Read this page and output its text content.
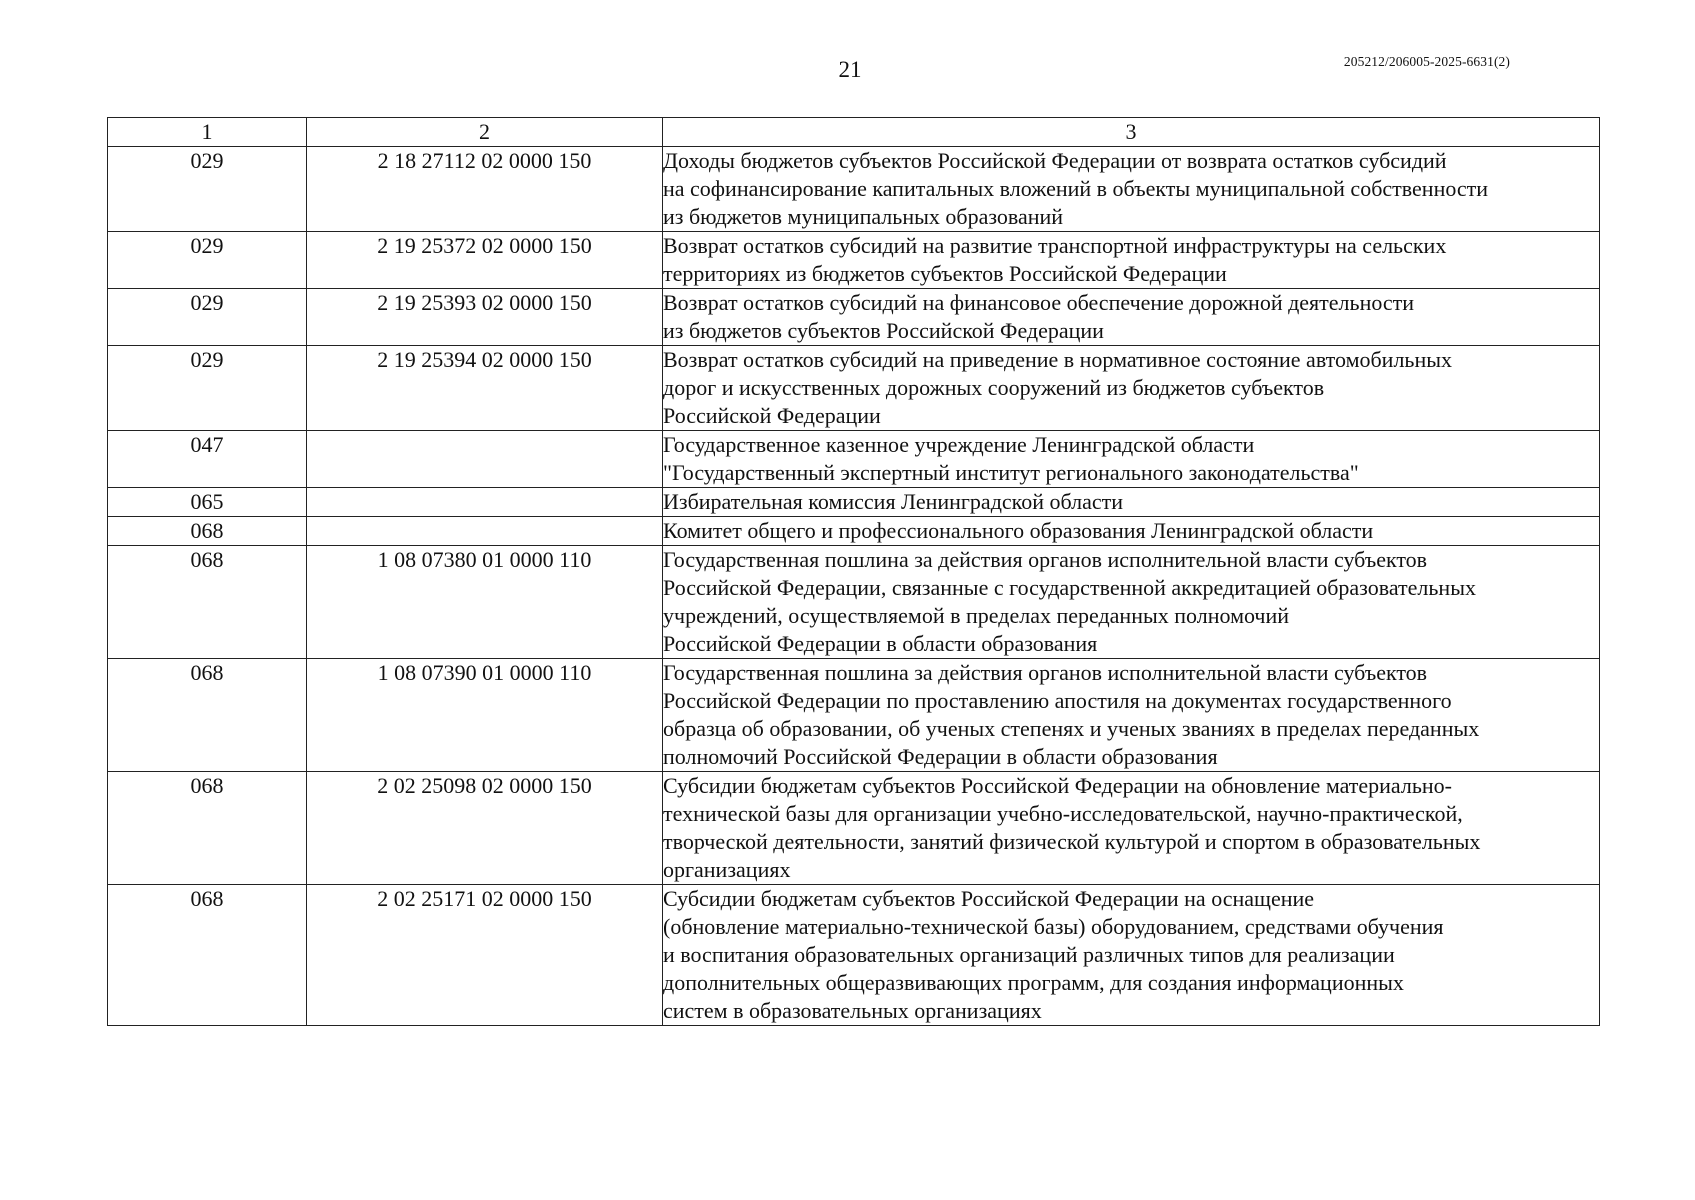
21	205212/206005-2025-6631(2)
1	2	3
029	2 18 27112 02 0000 150	Доходы бюджетов субъектов Российской Федерации от возврата остатков субсидий
на софинансирование капитальных вложений в объекты муниципальной собственности
из бюджетов муниципальных образований

029	2 19 25372 02 0000 150	Возврат остатков субсидий на развитие транспортной инфраструктуры на сельских
территориях из бюджетов субъектов Российской Федерации

029	2 19 25393 02 0000 150	Возврат остатков субсидий на финансовое обеспечение дорожной деятельности
из бюджетов субъектов Российской Федерации

029	2 19 25394 02 0000 150	Возврат остатков субсидий на приведение в нормативное состояние автомобильных
дорог и искусственных дорожных сооружений из бюджетов субъектов
Российской Федерации

047		Государственное казенное учреждение Ленинградской области
"Государственный экспертный институт регионального законодательства"

065		Избирательная комиссия Ленинградской области

068		Комитет общего и профессионального образования Ленинградской области

068	1 08 07380 01 0000 110	Государственная пошлина за действия органов исполнительной власти субъектов
Российской Федерации, связанные с государственной аккредитацией образовательных
учреждений, осуществляемой в пределах переданных полномочий
Российской Федерации в области образования

068	1 08 07390 01 0000 110	Государственная пошлина за действия органов исполнительной власти субъектов
Российской Федерации по проставлению апостиля на документах государственного
образца об образовании, об ученых степенях и ученых званиях в пределах переданных
полномочий Российской Федерации в области образования

068	2 02 25098 02 0000 150	Субсидии бюджетам субъектов Российской Федерации на обновление материально-
технической базы для организации учебно-исследовательской, научно-практической,
творческой деятельности, занятий физической культурой и спортом в образовательных
организациях

068	2 02 25171 02 0000 150	Субсидии бюджетам субъектов Российской Федерации на оснащение
(обновление материально-технической базы) оборудованием, средствами обучения
и воспитания образовательных организаций различных типов для реализации
дополнительных общеразвивающих программ, для создания информационных
систем в образовательных организациях
